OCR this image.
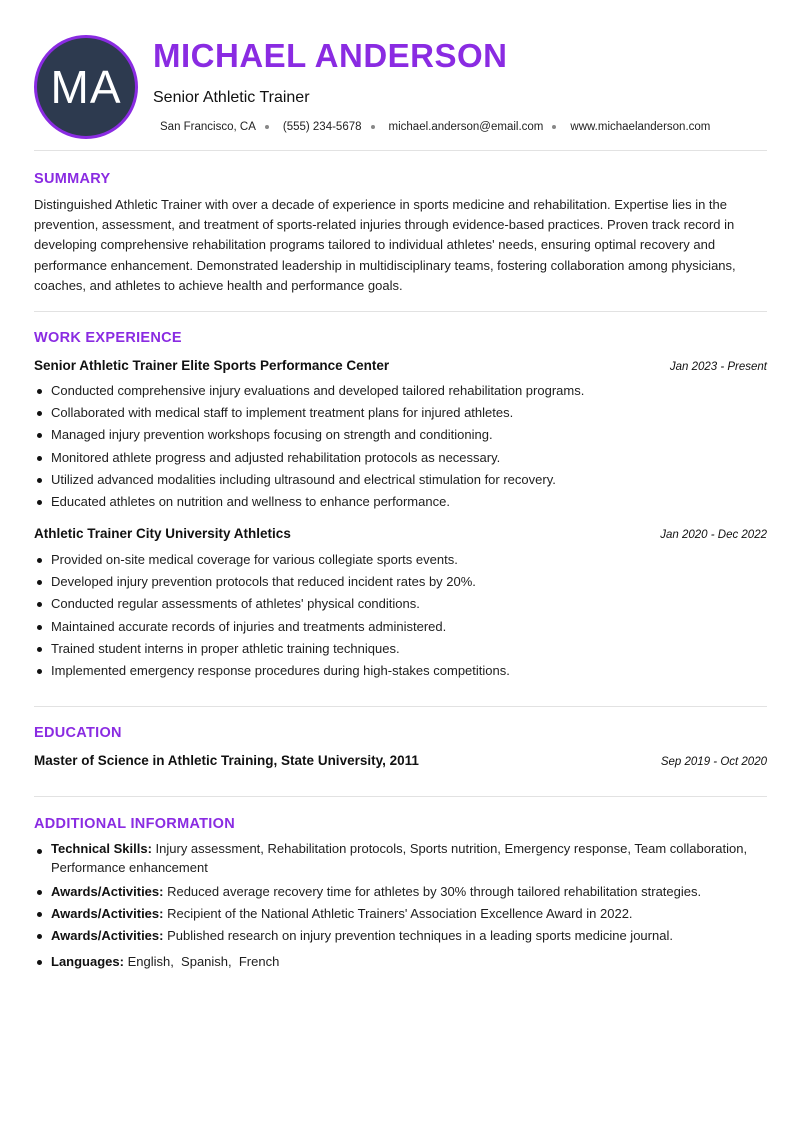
MA
MICHAEL ANDERSON
Senior Athletic Trainer
San Francisco, CA (555) 234-5678 michael.anderson@email.com www.michaelanderson.com
SUMMARY
Distinguished Athletic Trainer with over a decade of experience in sports medicine and rehabilitation. Expertise lies in the prevention, assessment, and treatment of sports-related injuries through evidence-based practices. Proven track record in developing comprehensive rehabilitation programs tailored to individual athletes' needs, ensuring optimal recovery and performance enhancement. Demonstrated leadership in multidisciplinary teams, fostering collaboration among physicians, coaches, and athletes to achieve health and performance goals.
WORK EXPERIENCE
Senior Athletic Trainer Elite Sports Performance Center	Jan 2023 - Present
Conducted comprehensive injury evaluations and developed tailored rehabilitation programs.
Collaborated with medical staff to implement treatment plans for injured athletes.
Managed injury prevention workshops focusing on strength and conditioning.
Monitored athlete progress and adjusted rehabilitation protocols as necessary.
Utilized advanced modalities including ultrasound and electrical stimulation for recovery.
Educated athletes on nutrition and wellness to enhance performance.
Athletic Trainer City University Athletics	Jan 2020 - Dec 2022
Provided on-site medical coverage for various collegiate sports events.
Developed injury prevention protocols that reduced incident rates by 20%.
Conducted regular assessments of athletes' physical conditions.
Maintained accurate records of injuries and treatments administered.
Trained student interns in proper athletic training techniques.
Implemented emergency response procedures during high-stakes competitions.
EDUCATION
Master of Science in Athletic Training, State University, 2011	Sep 2019 - Oct 2020
ADDITIONAL INFORMATION
Technical Skills: Injury assessment, Rehabilitation protocols, Sports nutrition, Emergency response, Team collaboration, Performance enhancement
Awards/Activities: Reduced average recovery time for athletes by 30% through tailored rehabilitation strategies.
Awards/Activities: Recipient of the National Athletic Trainers' Association Excellence Award in 2022.
Awards/Activities: Published research on injury prevention techniques in a leading sports medicine journal.
Languages: English,  Spanish,  French
